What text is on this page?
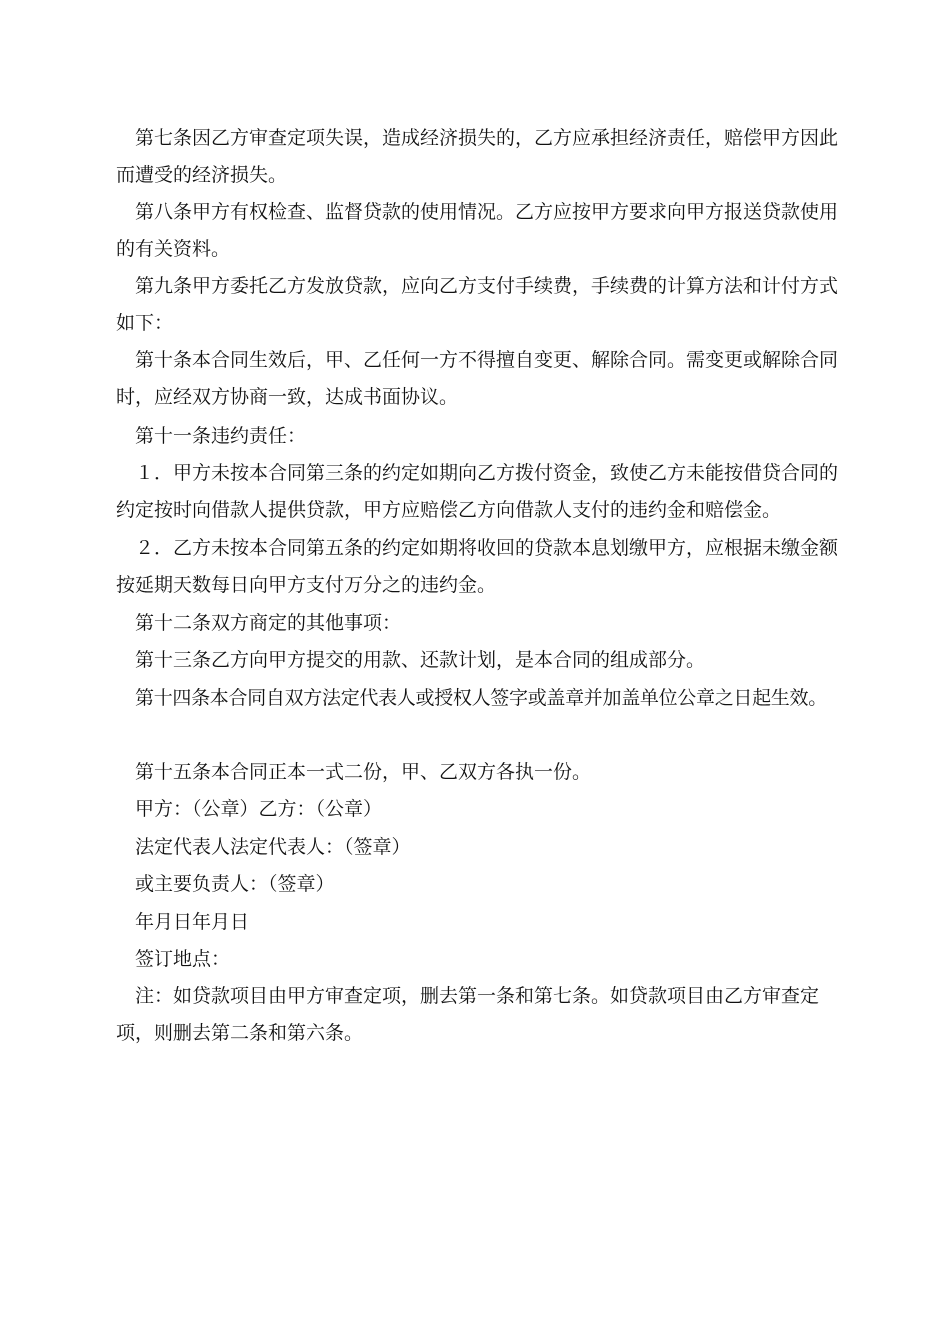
第七条因乙方审查定项失误，造成经济损失的，乙方应承担经济责任，赔偿甲方因此而遭受的经济损失。

第八条甲方有权检查、监督贷款的使用情况。乙方应按甲方要求向甲方报送贷款使用的有关资料。

第九条甲方委托乙方发放贷款，应向乙方支付手续费，手续费的计算方法和计付方式如下：

第十条本合同生效后，甲、乙任何一方不得擅自变更、解除合同。需变更或解除合同时，应经双方协商一致，达成书面协议。

第十一条违约责任：

１．甲方未按本合同第三条的约定如期向乙方拨付资金，致使乙方未能按借贷合同的约定按时向借款人提供贷款，甲方应赔偿乙方向借款人支付的违约金和赔偿金。

２．乙方未按本合同第五条的约定如期将收回的贷款本息划缴甲方，应根据未缴金额按延期天数每日向甲方支付万分之的违约金。

第十二条双方商定的其他事项：

第十三条乙方向甲方提交的用款、还款计划，是本合同的组成部分。

第十四条本合同自双方法定代表人或授权人签字或盖章并加盖单位公章之日起生效。

第十五条本合同正本一式二份，甲、乙双方各执一份。

甲方：（公章）乙方：（公章）

法定代表人法定代表人：（签章）

或主要负责人：（签章）

年月日年月日

签订地点：

注：如贷款项目由甲方审查定项，删去第一条和第七条。如贷款项目由乙方审查定项，则删去第二条和第六条。
